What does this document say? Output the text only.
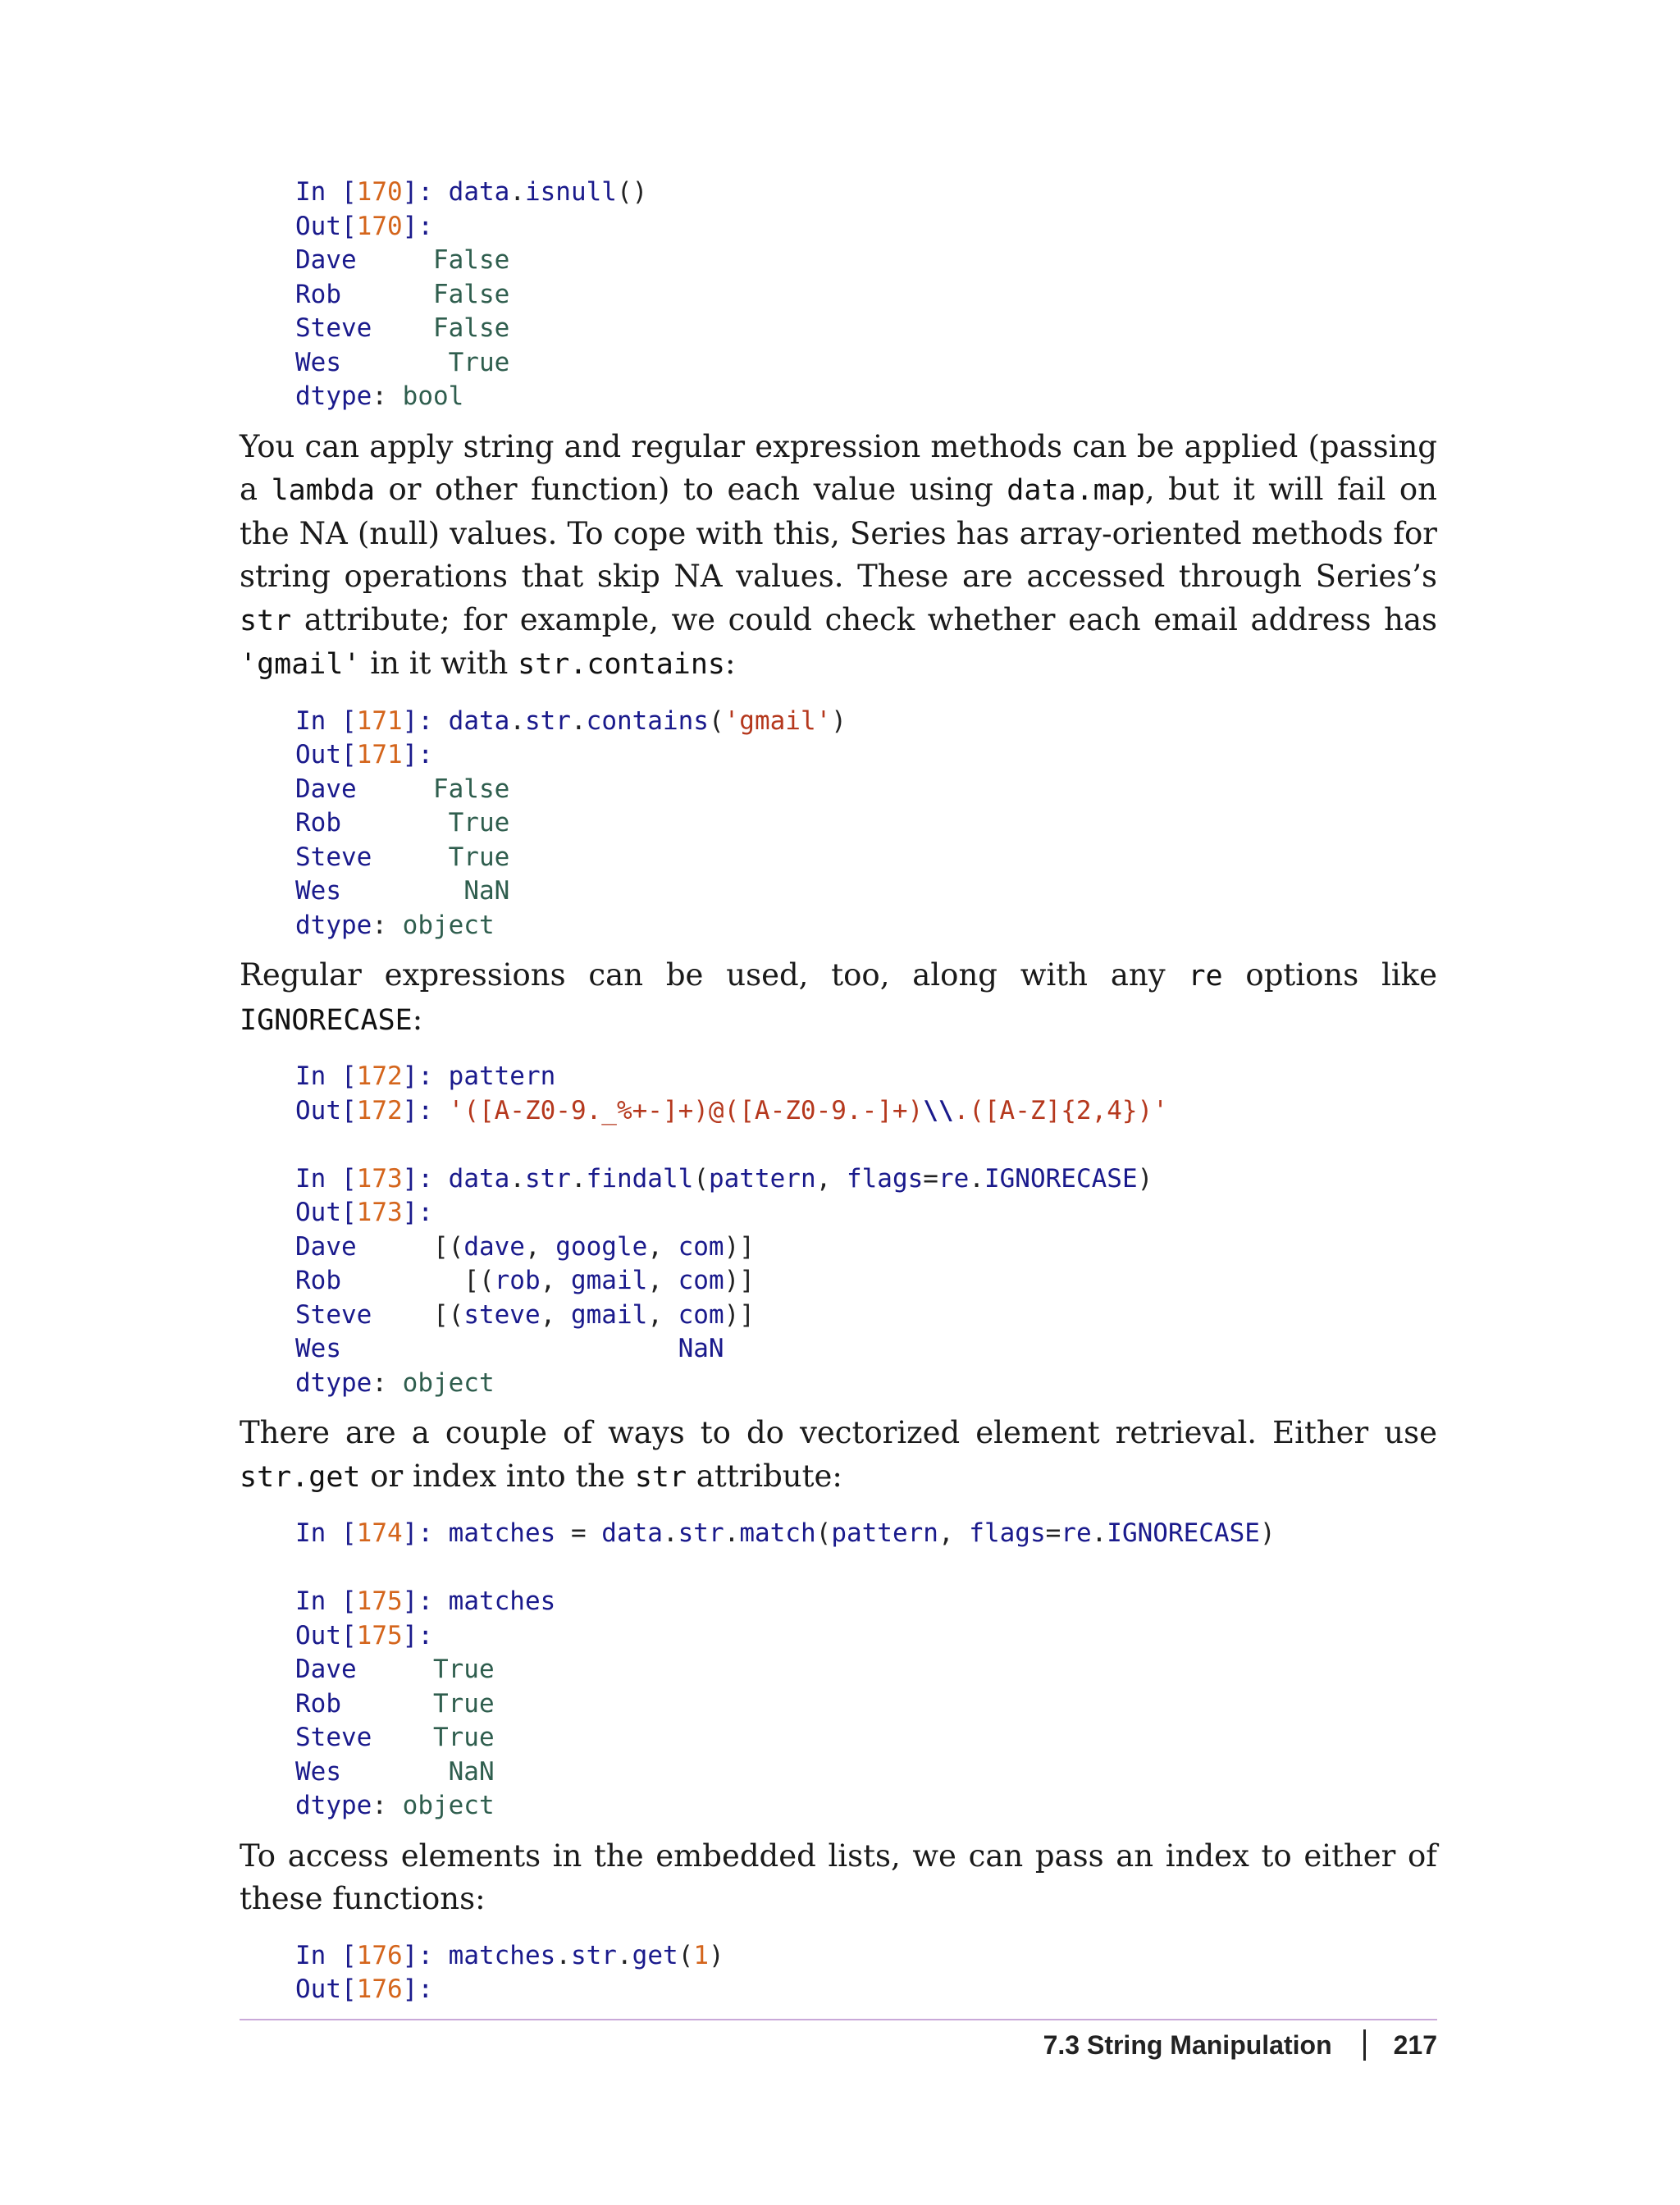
In [170]: data.isnull()
Out[170]:
Dave     False
Rob      False
Steve    False
Wes       True
dtype: bool

You can apply string and regular expression methods can be applied (passing a lambda or other function) to each value using data.map, but it will fail on the NA (null) values. To cope with this, Series has array-oriented methods for string operations that skip NA values. These are accessed through Series’s str attribute; for example, we could check whether each email address has 'gmail' in it with str.contains:

In [171]: data.str.contains('gmail')
Out[171]:
Dave     False
Rob       True
Steve     True
Wes        NaN
dtype: object

Regular expressions can be used, too, along with any re options like IGNORECASE:

In [172]: pattern
Out[172]: '([A-Z0-9._%+-]+)@([A-Z0-9.-]+)\\.([A-Z]{2,4})'
In [173]: data.str.findall(pattern, flags=re.IGNORECASE)
Out[173]:
Dave     [(dave, google, com)]
Rob        [(rob, gmail, com)]
Steve    [(steve, gmail, com)]
Wes                      NaN
dtype: object

There are a couple of ways to do vectorized element retrieval. Either use str.get or index into the str attribute:

In [174]: matches = data.str.match(pattern, flags=re.IGNORECASE)
In [175]: matches
Out[175]:
Dave     True
Rob      True
Steve    True
Wes       NaN
dtype: object

To access elements in the embedded lists, we can pass an index to either of these functions:

In [176]: matches.str.get(1)
Out[176]:
7.3 String Manipulation 217
